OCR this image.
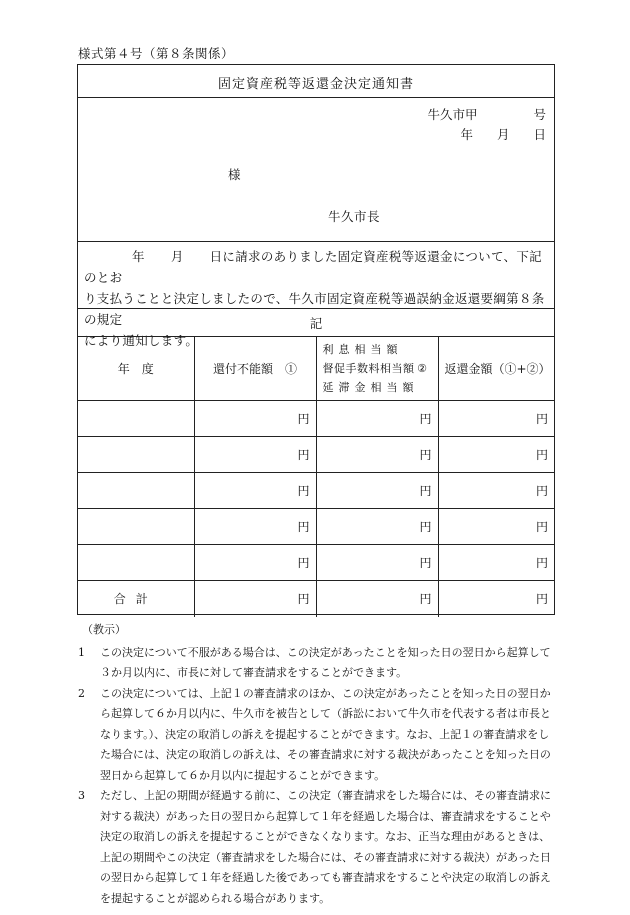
様式第４号（第８条関係）
固定資産税等返還金決定通知書
牛久市甲	号
年 月 日
様
牛久市長
年 月 日に請求のありました固定資産税等返還金について、下記のとお
り支払うことと決定しましたので、牛久市固定資産税等過誤納金返還要綱第８条の規定
により通知します。
記
年　度	還付不能額　①	利息相当額
督促手数料相当額 ②
延滞金相当額	返還金額（①+②）
	円	円	円
	円	円	円
	円	円	円
	円	円	円
	円	円	円
合計	円	円	円
（教示）

1 この決定について不服がある場合は、この決定があったことを知った日の翌日から起算して３か月以内に、市長に対して審査請求をすることができます。

2 この決定については、上記１の審査請求のほか、この決定があったことを知った日の翌日から起算して６か月以内に、牛久市を被告として（訴訟において牛久市を代表する者は市長となります。）、決定の取消しの訴えを提起することができます。なお、上記１の審査請求をした場合には、決定の取消しの訴えは、その審査請求に対する裁決があったことを知った日の翌日から起算して６か月以内に提起することができます。

3 ただし、上記の期間が経過する前に、この決定（審査請求をした場合には、その審査請求に対する裁決）があった日の翌日から起算して１年を経過した場合は、審査請求をすることや決定の取消しの訴えを提起することができなくなります。なお、正当な理由があるときは、上記の期間やこの決定（審査請求をした場合には、その審査請求に対する裁決）があった日の翌日から起算して１年を経過した後であっても審査請求をすることや決定の取消しの訴えを提起することが認められる場合があります。
